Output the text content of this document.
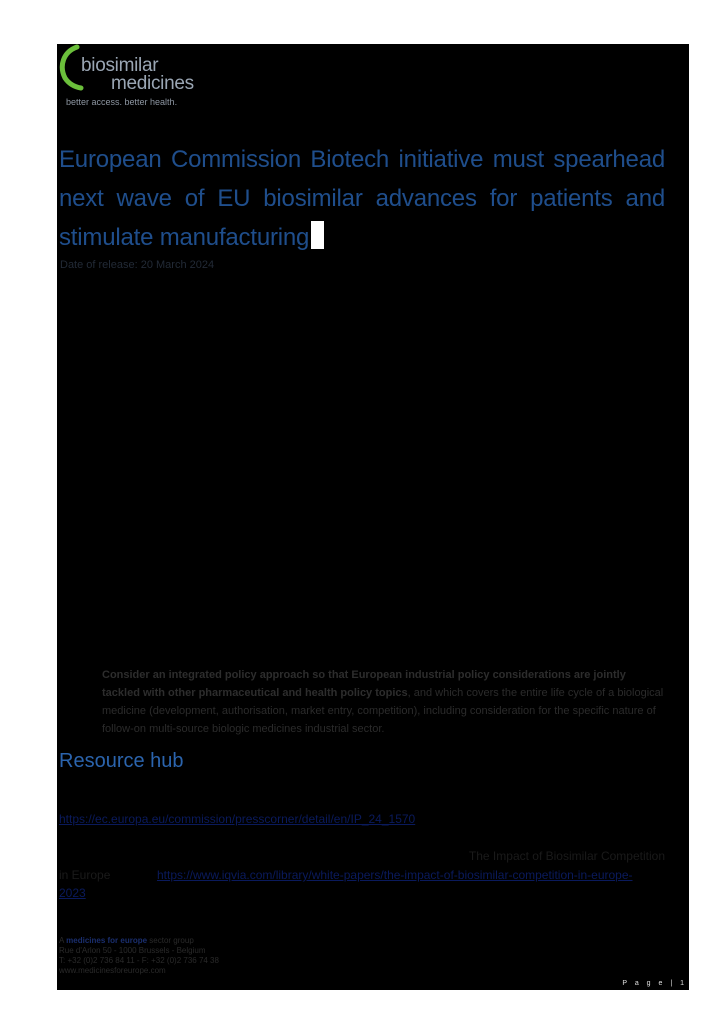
biosimilar
medicines
better access. better health.
European Commission Biotech initiative must spearhead next wave of EU biosimilar advances for patients and stimulate manufacturing
Date of release: 20 March 2024
Consider an integrated policy approach so that European industrial policy considerations are jointly tackled with other pharmaceutical and health policy topics, and which covers the entire life cycle of a biological medicine (development, authorisation, market entry, competition), including consideration for the specific nature of follow-on multi-source biologic medicines industrial sector.
Resource hub
https://ec.europa.eu/commission/presscorner/detail/en/IP_24_1570
The Impact of Biosimilar Competition
in Europe	https://www.iqvia.com/library/white-papers/the-impact-of-biosimilar-competition-in-europe-2023
A medicines for europe sector group
Rue d'Arlon 50 - 1000 Brussels - Belgium
T: +32 (0)2 736 84 11 - F: +32 (0)2 736 74 38
www.medicinesforeurope.com
P a g e | 1
